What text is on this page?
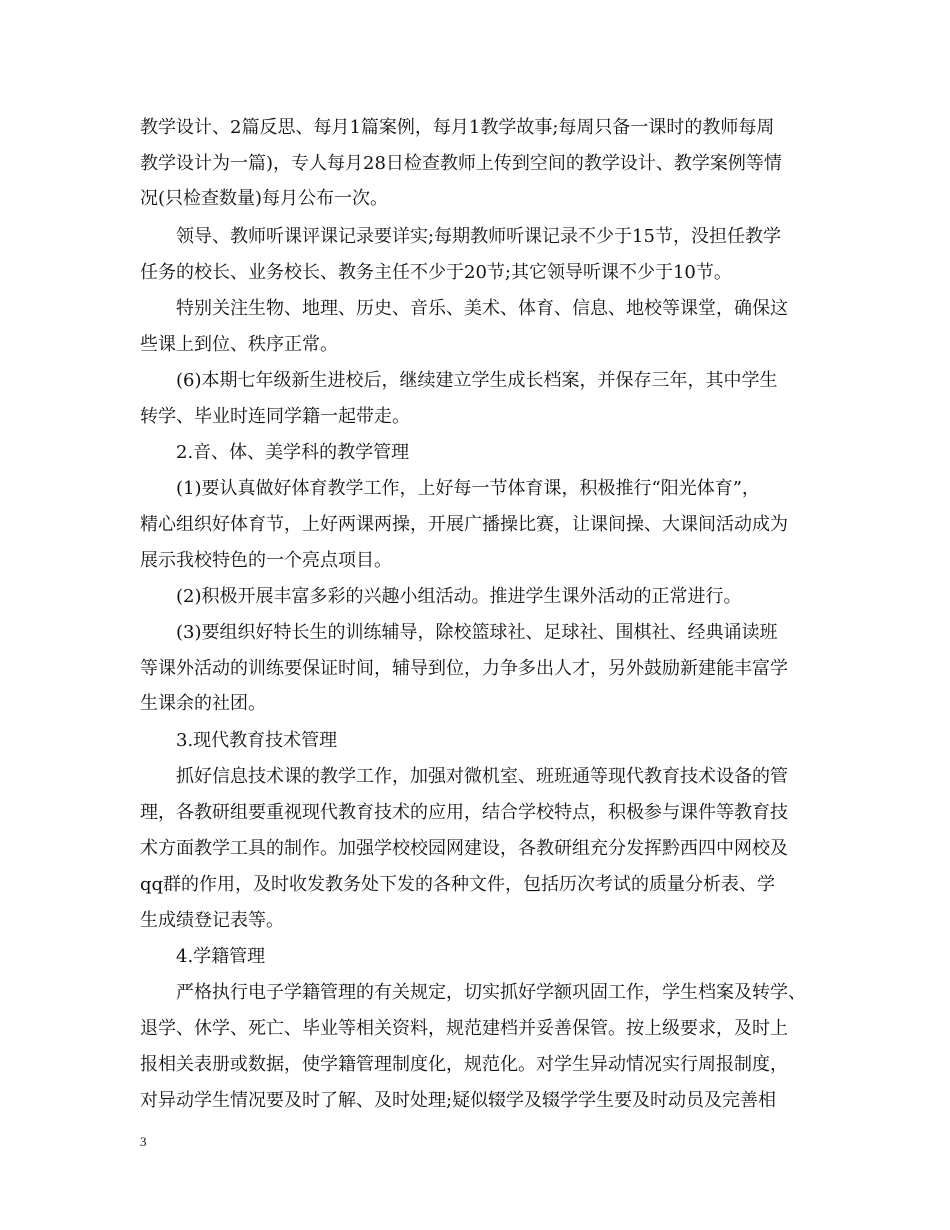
教学设计、2篇反思、每月1篇案例，每月1教学故事;每周只备一课时的教师每周
教学设计为一篇)，专人每月28日检查教师上传到空间的教学设计、教学案例等情
况(只检查数量)每月公布一次。
领导、教师听课评课记录要详实;每期教师听课记录不少于15节，没担任教学
任务的校长、业务校长、教务主任不少于20节;其它领导听课不少于10节。
特别关注生物、地理、历史、音乐、美术、体育、信息、地校等课堂，确保这
些课上到位、秩序正常。
(6)本期七年级新生进校后，继续建立学生成长档案，并保存三年，其中学生
转学、毕业时连同学籍一起带走。
2.音、体、美学科的教学管理
(1)要认真做好体育教学工作，上好每一节体育课，积极推行“阳光体育”，
精心组织好体育节，上好两课两操，开展广播操比赛，让课间操、大课间活动成为
展示我校特色的一个亮点项目。
(2)积极开展丰富多彩的兴趣小组活动。推进学生课外活动的正常进行。
(3)要组织好特长生的训练辅导，除校篮球社、足球社、围棋社、经典诵读班
等课外活动的训练要保证时间，辅导到位，力争多出人才，另外鼓励新建能丰富学
生课余的社团。
3.现代教育技术管理
抓好信息技术课的教学工作，加强对微机室、班班通等现代教育技术设备的管
理，各教研组要重视现代教育技术的应用，结合学校特点，积极参与课件等教育技
术方面教学工具的制作。加强学校校园网建设，各教研组充分发挥黔西四中网校及
qq群的作用，及时收发教务处下发的各种文件，包括历次考试的质量分析表、学
生成绩登记表等。
4.学籍管理
严格执行电子学籍管理的有关规定，切实抓好学额巩固工作，学生档案及转学、
退学、休学、死亡、毕业等相关资料，规范建档并妥善保管。按上级要求，及时上
报相关表册或数据，使学籍管理制度化，规范化。对学生异动情况实行周报制度，
对异动学生情况要及时了解、及时处理;疑似辍学及辍学学生要及时动员及完善相
3
